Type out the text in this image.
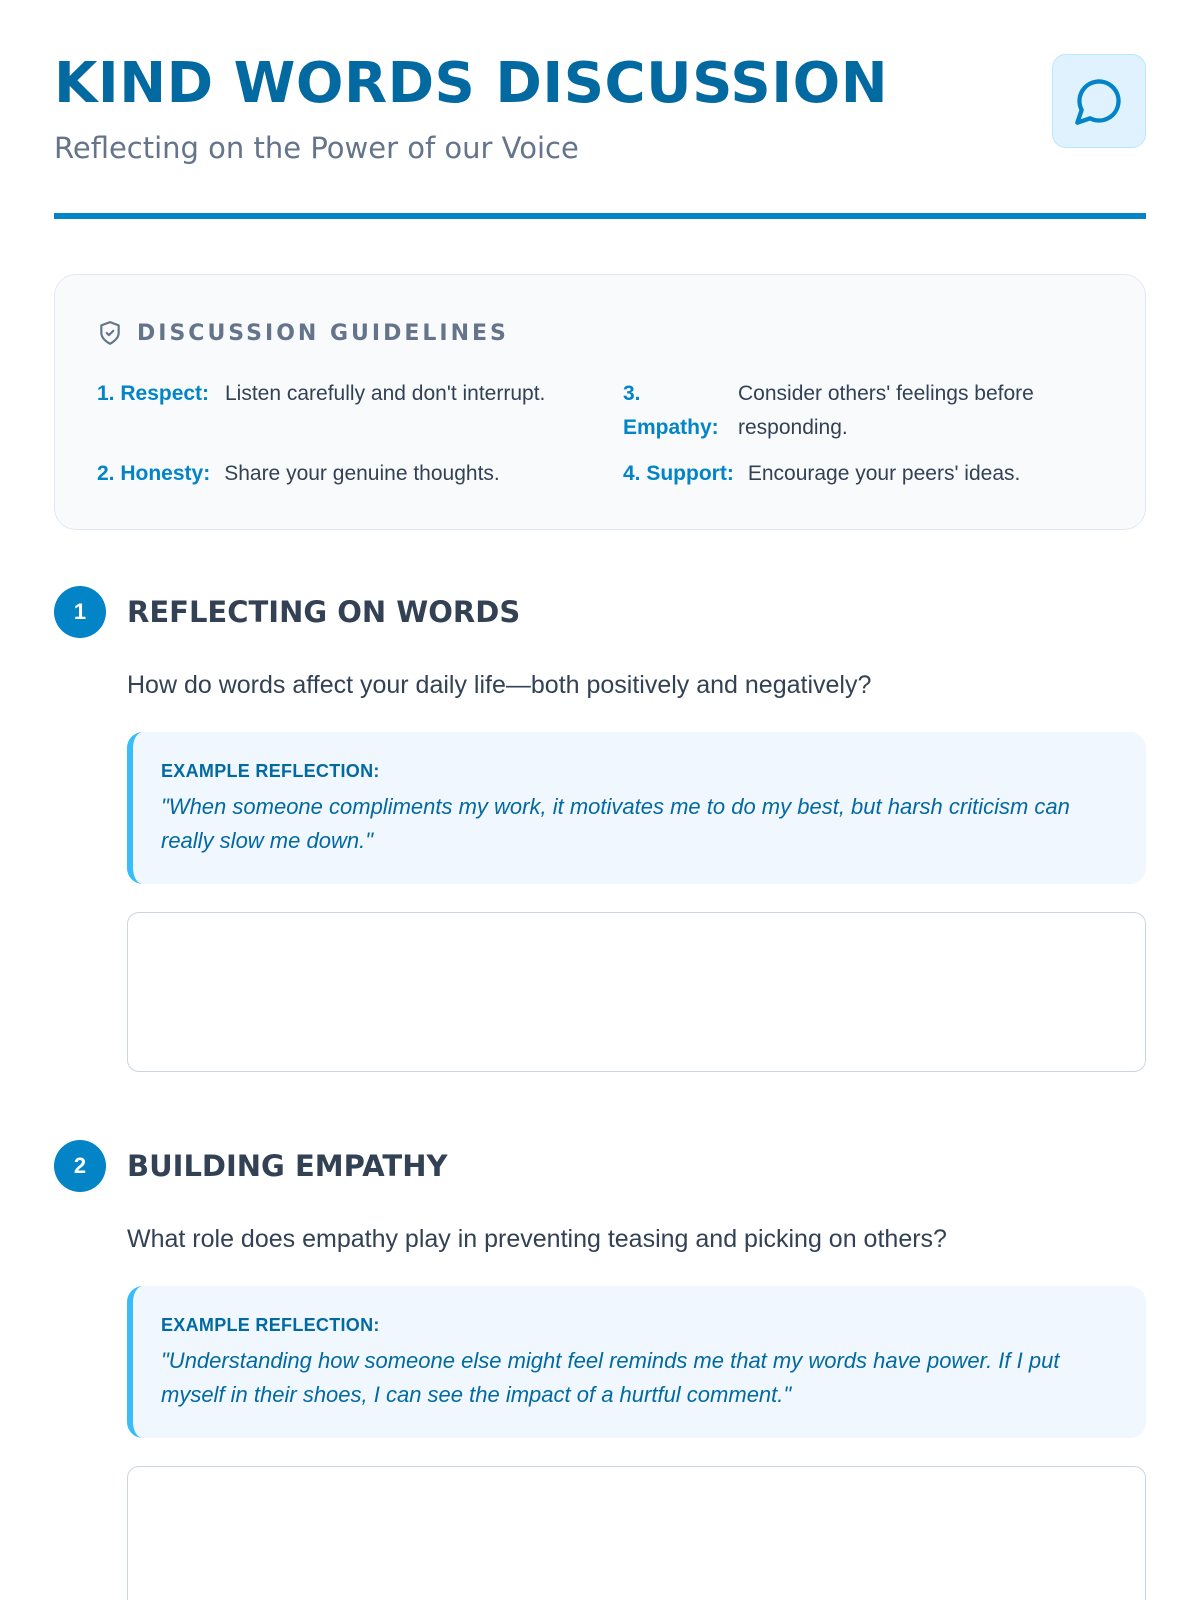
KIND WORDS DISCUSSION
Reflecting on the Power of our Voice
DISCUSSION GUIDELINES
1. Respect: Listen carefully and don't interrupt.
2. Honesty: Share your genuine thoughts.
3. Empathy:
Consider others' feelings before responding.
4. Support: Encourage your peers' ideas.
1	REFLECTING ON WORDS
How do words affect your daily life—both positively and negatively?
EXAMPLE REFLECTION:
"When someone compliments my work, it motivates me to do my best, but harsh criticism can really slow me down."
2	BUILDING EMPATHY
What role does empathy play in preventing teasing and picking on others?
EXAMPLE REFLECTION:
"Understanding how someone else might feel reminds me that my words have power. If I put myself in their shoes, I can see the impact of a hurtful comment."
